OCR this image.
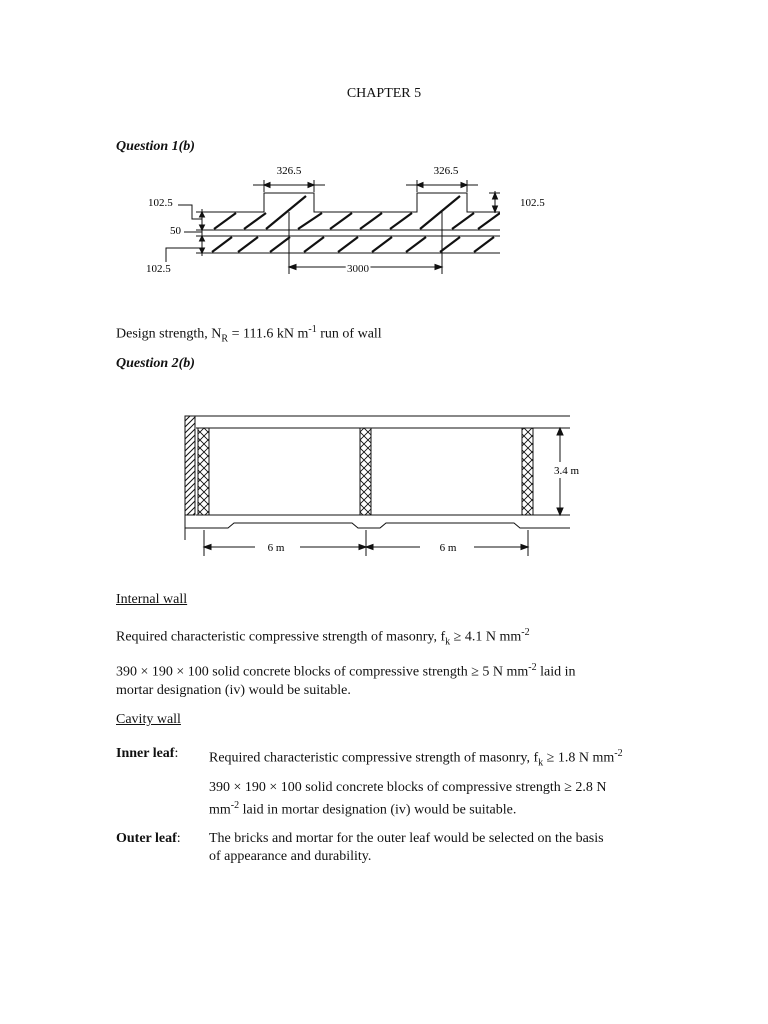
CHAPTER 5
Question 1(b)
326.5	326.5
102.5
102.5
50
102.5	3000
Design strength, $N_R = 111.6$ kN $m^{-1}$ run of wall
Question 2(b)
3.4 m
6 m	6 m
Internal wall
Required characteristic compressive strength of masonry, $f_k \ge 4.1$ N $mm^{-2}$
390 × 190 × 100 solid concrete blocks of compressive strength ≥ 5 N $mm^{-2}$ laid in
mortar designation (iv) would be suitable.
Cavity wall
Inner leaf: Required characteristic compressive strength of masonry, $f_k \ge 1.8$ N $mm^{-2}$
390 × 190 × 100 solid concrete blocks of compressive strength ≥ 2.8 N
$mm^{-2}$ laid in mortar designation (iv) would be suitable.
Outer leaf: The bricks and mortar for the outer leaf would be selected on the basis
of appearance and durability.
